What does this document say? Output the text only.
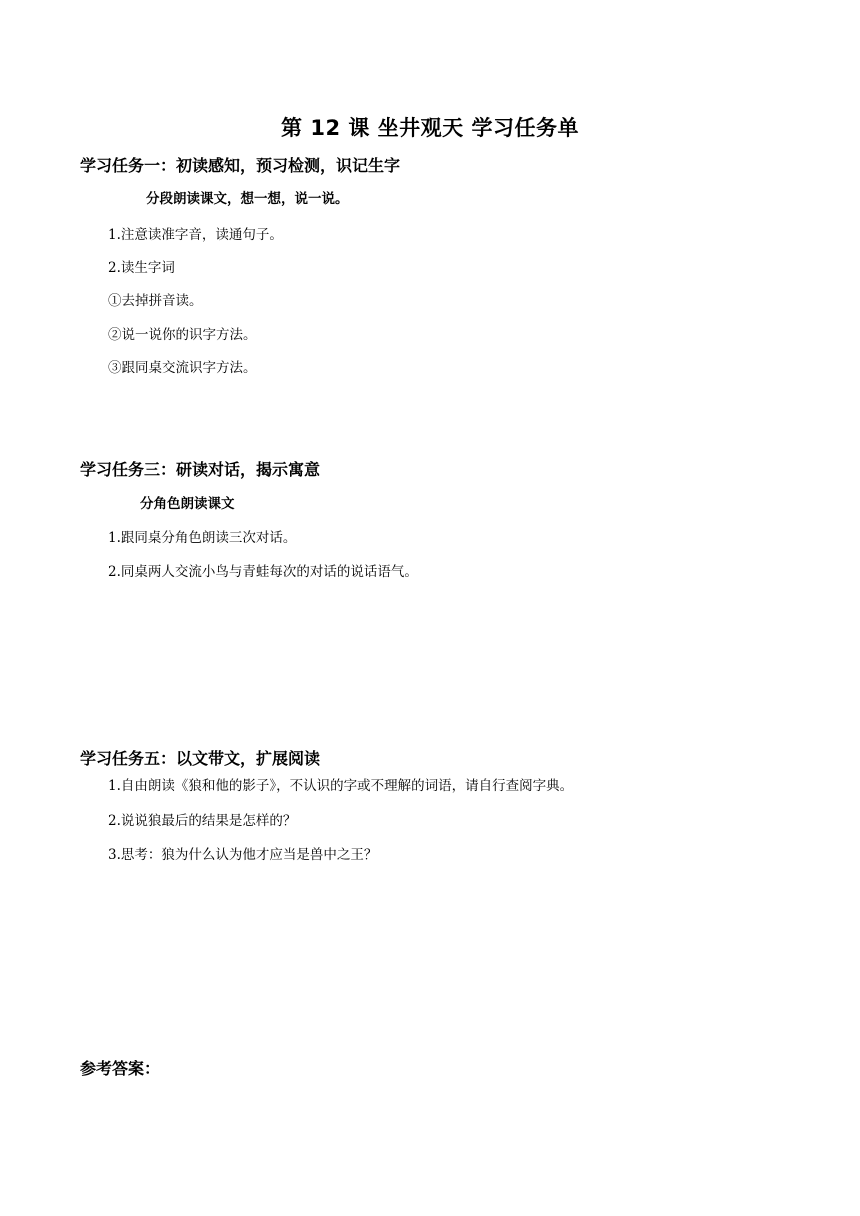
第 12 课 坐井观天 学习任务单
学习任务一：初读感知，预习检测，识记生字
分段朗读课文，想一想，说一说。
1.注意读准字音，读通句子。
2.读生字词
①去掉拼音读。
②说一说你的识字方法。
③跟同桌交流识字方法。
学习任务三：研读对话，揭示寓意
分角色朗读课文
1.跟同桌分角色朗读三次对话。
2.同桌两人交流小鸟与青蛙每次的对话的说话语气。
学习任务五：以文带文，扩展阅读
1.自由朗读《狼和他的影子》，不认识的字或不理解的词语，请自行查阅字典。
2.说说狼最后的结果是怎样的？
3.思考：狼为什么认为他才应当是兽中之王？
参考答案：
